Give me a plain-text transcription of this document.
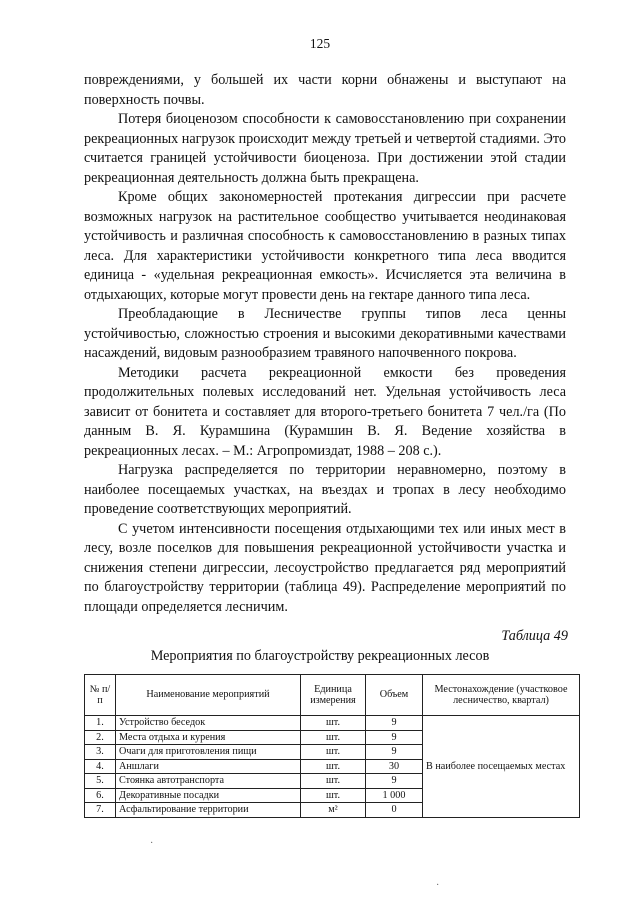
125

повреждениями, у большей их части корни обнажены и выступают на поверхность почвы.

Потеря биоценозом способности к самовосстановлению при сохранении рекреационных нагрузок происходит между третьей и четвертой стадиями. Это считается границей устойчивости биоценоза. При достижении этой стадии рекреационная деятельность должна быть прекращена.

Кроме общих закономерностей протекания дигрессии при расчете возможных нагрузок на растительное сообщество учитывается неодинаковая устойчивость и различная способность к самовосстановлению в разных типах леса. Для характеристики устойчивости конкретного типа леса вводится единица - «удельная рекреационная емкость». Исчисляется эта величина в отдыхающих, которые могут провести день на гектаре данного типа леса.

Преобладающие в Лесничестве группы типов леса ценны устойчивостью, сложностью строения и высокими декоративными качествами насаждений, видовым разнообразием травяного напочвенного покрова.

Методики расчета рекреационной емкости без проведения продолжительных полевых исследований нет. Удельная устойчивость леса зависит от бонитета и составляет для второго-третьего бонитета 7 чел./га (По данным В. Я. Курамшина (Курамшин В. Я. Ведение хозяйства в рекреационных лесах. – М.: Агропромиздат, 1988 – 208 с.).

Нагрузка распределяется по территории неравномерно, поэтому в наиболее посещаемых участках, на въездах и тропах в лесу необходимо проведение соответствующих мероприятий.

С учетом интенсивности посещения отдыхающими тех или иных мест в лесу, возле поселков для повышения рекреационной устойчивости участка и снижения степени дигрессии, лесоустройство предлагается ряд мероприятий по благоустройству территории (таблица 49). Распределение мероприятий по площади определяется лесничим.

Таблица 49
Мероприятия по благоустройству рекреационных лесов
№ п/п	Наименование мероприятий	Единица измерения	Объем	Местонахождение (участковое лесничество, квартал)
1.	Устройство беседок	шт.	9	В наиболее посещаемых местах
2.	Места отдыха и курения	шт.	9	
3.	Очаги для приготовления пищи	шт.	9	
4.	Аншлаги	шт.	30	
5.	Стоянка автотранспорта	шт.	9	
6.	Декоративные посадки	шт.	1 000	
7.	Асфальтирование территории	м²	0	
·
·
